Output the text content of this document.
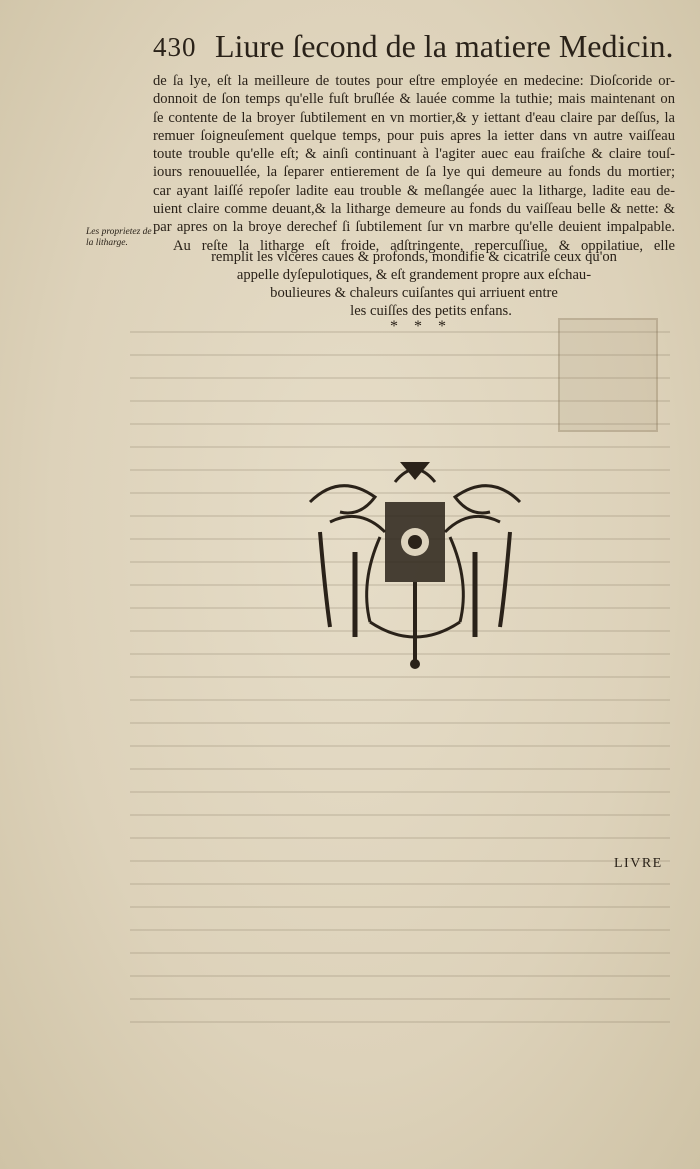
430 Liure ſecond de la matiere Medicin.
Les proprietez de la litharge.
de ſa lye, eſt la meilleure de toutes pour eſtre employée en medecine: Dioſcoride or-
donnoit de ſon temps qu'elle fuſt bruſlée & lauée comme la tuthie; mais maintenant on
ſe contente de la broyer ſubtilement en vn mortier,& y iettant d'eau claire par deſſus, la
remuer ſoigneuſement quelque temps, pour puis apres la ietter dans vn autre vaiſſeau
toute trouble qu'elle eſt; & ainſi continuant à l'agiter auec eau fraiſche & claire touſ-
iours renouuellée, la ſeparer entierement de ſa lye qui demeure au fonds du mortier;
car ayant laiſſé repoſer ladite eau trouble & meſlangée auec la litharge, ladite eau de-
uient claire comme deuant,& la litharge demeure au fonds du vaiſſeau belle & nette: &
par apres on la broye derechef ſi ſubtilement ſur vn marbre qu'elle deuient impalpable.
Au reſte la litharge eſt froide, adſtringente, repercuſſiue, & oppilatiue, elle
remplit les vlceres caues & profonds, mondifie & cicatriſe ceux qu'on
appelle dyſepulotiques, & eſt grandement propre aux eſchau-
boulieures & chaleurs cuiſantes qui arriuent entre
les cuiſſes des petits enfans.
* * *
LIVRE
